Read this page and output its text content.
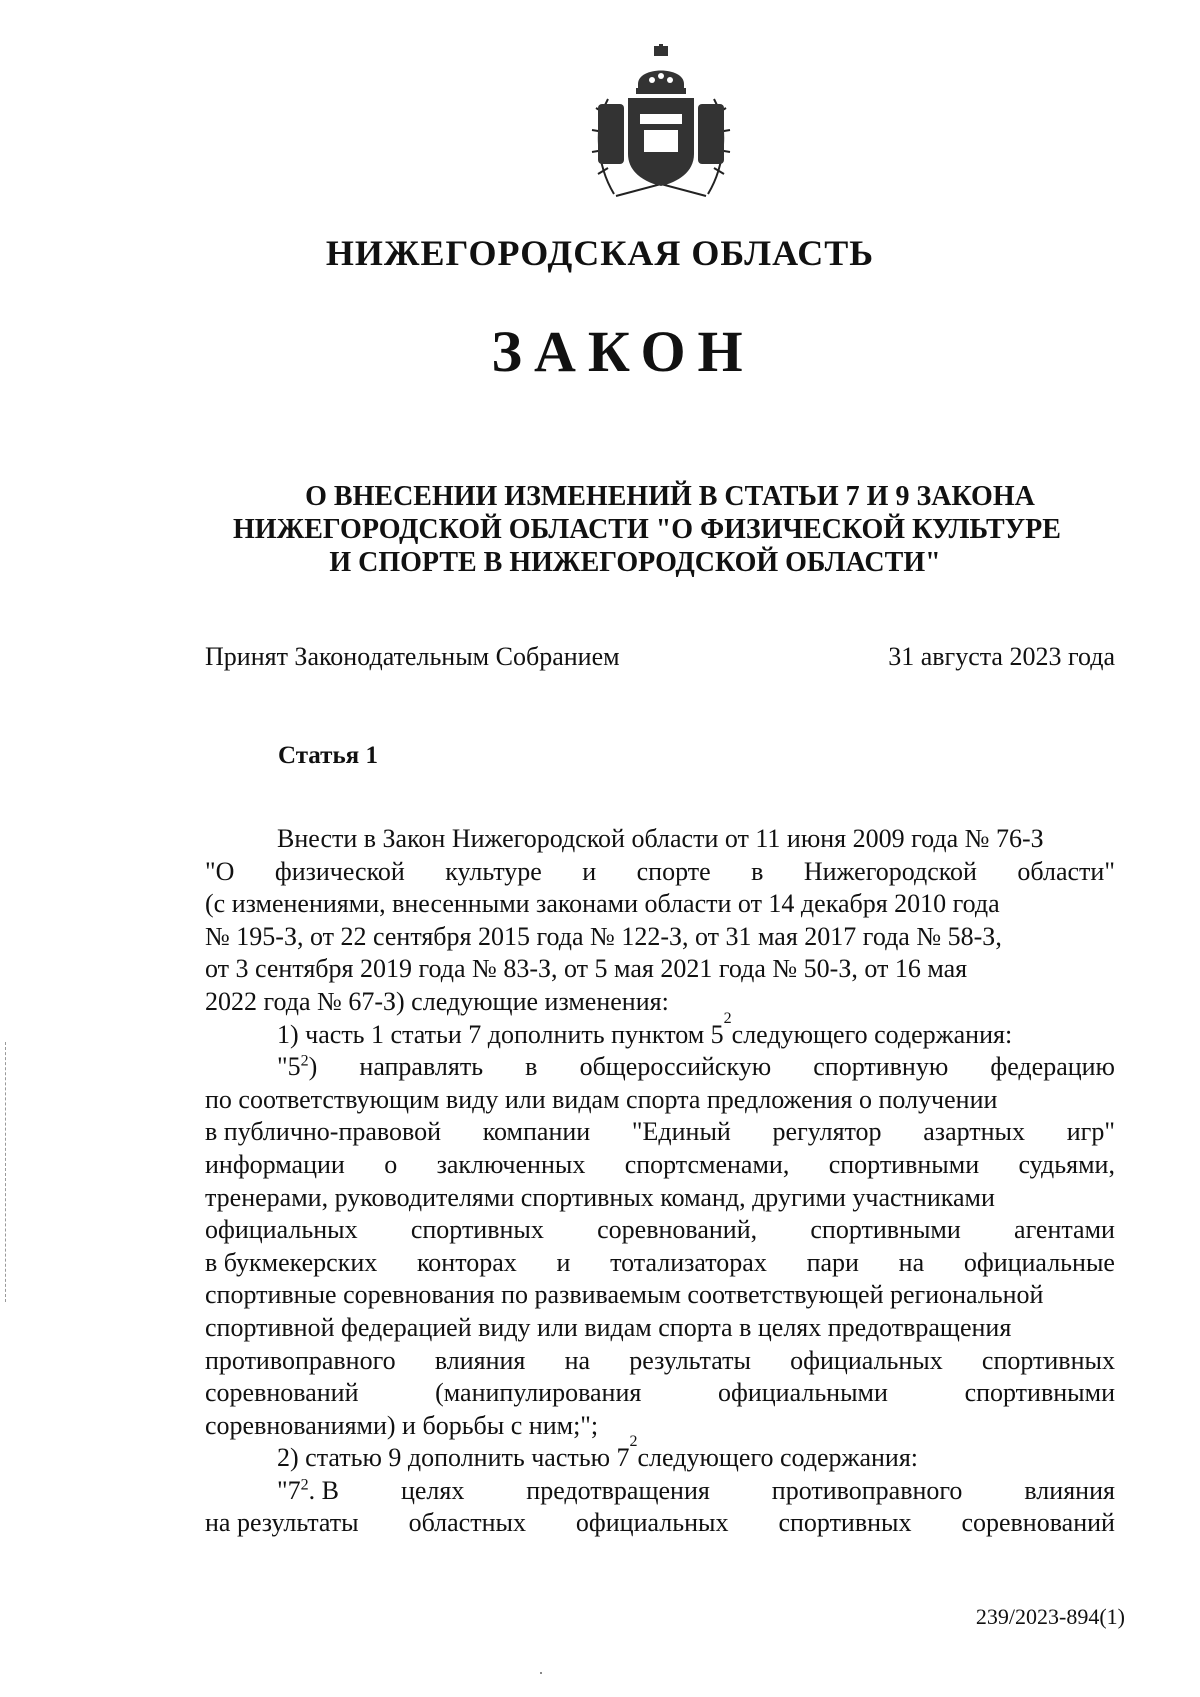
НИЖЕГОРОДСКАЯ ОБЛАСТЬ
ЗАКОН
О ВНЕСЕНИИ ИЗМЕНЕНИЙ В СТАТЬИ 7 И 9 ЗАКОНА
НИЖЕГОРОДСКОЙ ОБЛАСТИ "О ФИЗИЧЕСКОЙ КУЛЬТУРЕ
И СПОРТЕ В НИЖЕГОРОДСКОЙ ОБЛАСТИ"
Принят Законодательным Собранием	31 августа 2023 года
Статья 1
Внести в Закон Нижегородской области от 11 июня 2009 года № 76-З
"О физической культуре и спорте в Нижегородской области"
(с изменениями, внесенными законами области от 14 декабря 2010 года
№ 195-З, от 22 сентября 2015 года № 122-З, от 31 мая 2017 года № 58-З,
от 3 сентября 2019 года № 83-З, от 5 мая 2021 года № 50-З, от 16 мая
2022 года № 67-З) следующие изменения:
1) часть 1 статьи 7 дополнить пунктом 5
2
следующего содержания:
"$5^2$) направлять в общероссийскую спортивную федерацию
по соответствующим виду или видам спорта предложения о получении
в публично-правовой компании "Единый регулятор азартных игр"
информации о заключенных спортсменами, спортивными судьями,
тренерами, руководителями спортивных команд, другими участниками
официальных спортивных соревнований, спортивными агентами
в букмекерских конторах и тотализаторах пари на официальные
спортивные соревнования по развиваемым соответствующей региональной
спортивной федерацией виду или видам спорта в целях предотвращения
противоправного влияния на результаты официальных спортивных
соревнований	(манипулирования	официальными	спортивными
соревнованиями) и борьбы с ним;";
2) статью 9 дополнить частью 7
2
следующего содержания:
"$7^2$. В целях предотвращения противоправного влияния
на результаты областных официальных спортивных соревнований
239/2023-894(1)
